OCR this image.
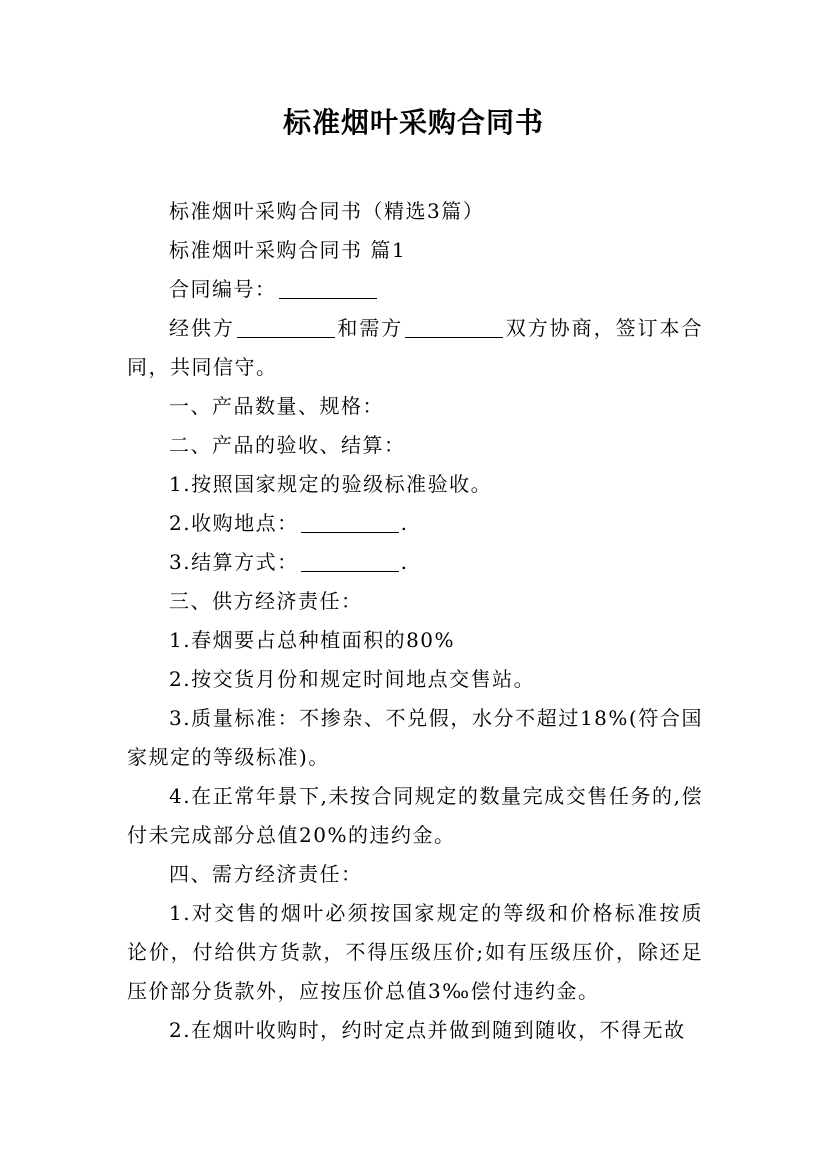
标准烟叶采购合同书

标准烟叶采购合同书（精选3篇）

标准烟叶采购合同书 篇1

合同编号：

经供方	和需方	双方协商，签订本合同，共同信守。

一、产品数量、规格：

二、产品的验收、结算：

1.按照国家规定的验级标准验收。

2.收购地点：	.

3.结算方式：	.

三、供方经济责任：

1.春烟要占总种植面积的80%

2.按交货月份和规定时间地点交售站。

3.质量标准：不掺杂、不兑假，水分不超过18%(符合国家规定的等级标准)。

4.在正常年景下,未按合同规定的数量完成交售任务的,偿付未完成部分总值20%的违约金。

四、需方经济责任：

1.对交售的烟叶必须按国家规定的等级和价格标准按质论价，付给供方货款，不得压级压价;如有压级压价，除还足压价部分货款外，应按压价总值3‰偿付违约金。

2.在烟叶收购时，约时定点并做到随到随收，不得无故
